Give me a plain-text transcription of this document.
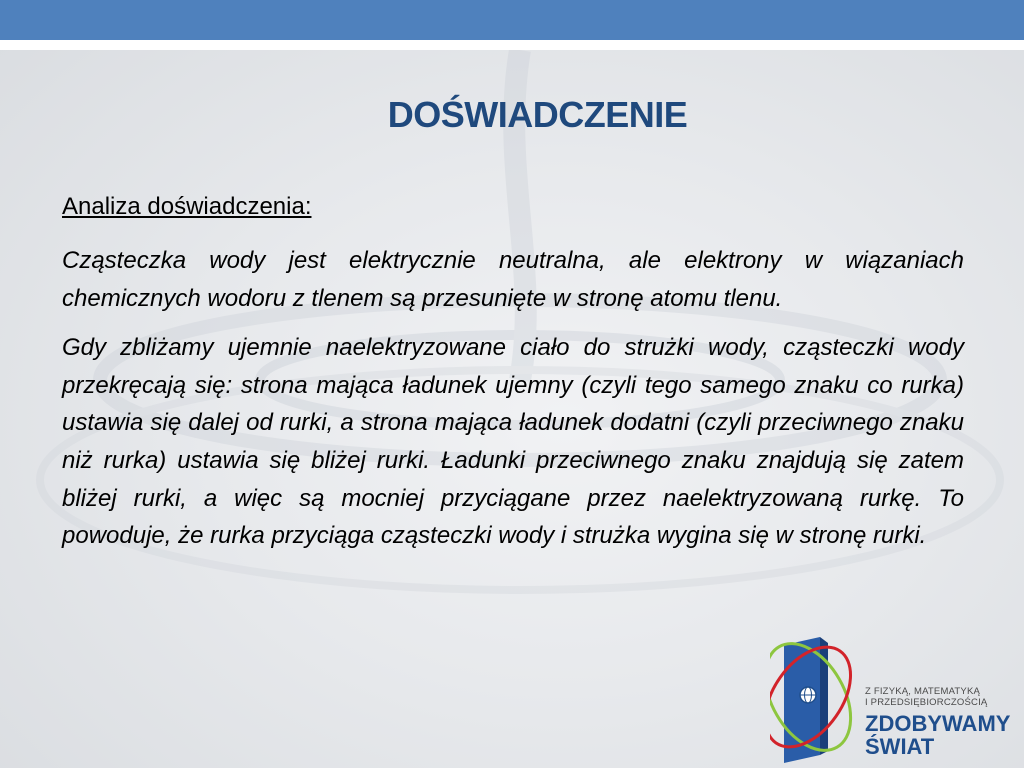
DOŚWIADCZENIE

Analiza doświadczenia:

Cząsteczka wody jest elektrycznie neutralna, ale elektrony w wiązaniach chemicznych wodoru z tlenem są przesunięte w stronę atomu tlenu.

Gdy zbliżamy ujemnie naelektryzowane ciało do strużki wody, cząsteczki wody przekręcają się: strona mająca ładunek ujemny (czyli tego samego znaku co rurka) ustawia się dalej od rurki, a strona mająca ładunek dodatni (czyli przeciwnego znaku niż rurka) ustawia się bliżej rurki. Ładunki przeciwnego znaku znajdują się zatem bliżej rurki, a więc są mocniej przyciągane przez naelektryzowaną rurkę. To powoduje, że rurka przyciąga cząsteczki wody i strużka wygina się w stronę rurki.

Z FIZYKĄ, MATEMATYKĄ
I PRZEDSIĘBIORCZOŚCIĄ

ZDOBYWAMY

ŚWIAT
